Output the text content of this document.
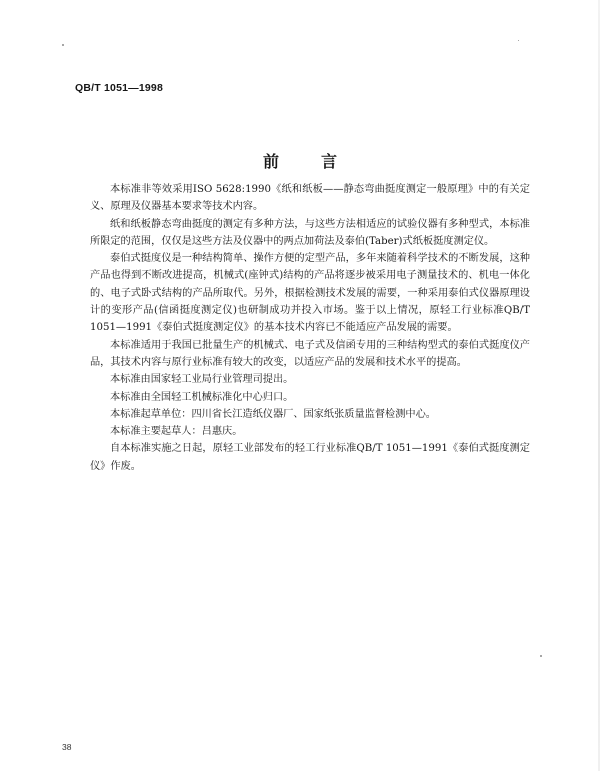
QB/T 1051—1998
前	言

本标准非等效采用ISO 5628:1990《纸和纸板——静态弯曲挺度测定一般原理》中的有关定义、原理及仪器基本要求等技术内容。

纸和纸板静态弯曲挺度的测定有多种方法，与这些方法相适应的试验仪器有多种型式，本标准所限定的范围，仅仅是这些方法及仪器中的两点加荷法及泰伯(Taber)式纸板挺度测定仪。

泰伯式挺度仪是一种结构简单、操作方便的定型产品，多年来随着科学技术的不断发展，这种产品也得到不断改进提高，机械式(座钟式)结构的产品将逐步被采用电子测量技术的、机电一体化的、电子式卧式结构的产品所取代。另外，根据检测技术发展的需要，一种采用泰伯式仪器原理设计的变形产品(信函挺度测定仪)也研制成功并投入市场。鉴于以上情况，原轻工行业标准QB/T 1051—1991《泰伯式挺度测定仪》的基本技术内容已不能适应产品发展的需要。

本标准适用于我国已批量生产的机械式、电子式及信函专用的三种结构型式的泰伯式挺度仪产品，其技术内容与原行业标准有较大的改变，以适应产品的发展和技术水平的提高。

本标准由国家轻工业局行业管理司提出。

本标准由全国轻工机械标准化中心归口。

本标准起草单位：四川省长江造纸仪器厂、国家纸张质量监督检测中心。

本标准主要起草人：吕惠庆。

自本标准实施之日起，原轻工业部发布的轻工行业标准QB/T 1051—1991《泰伯式挺度测定仪》作废。

38
